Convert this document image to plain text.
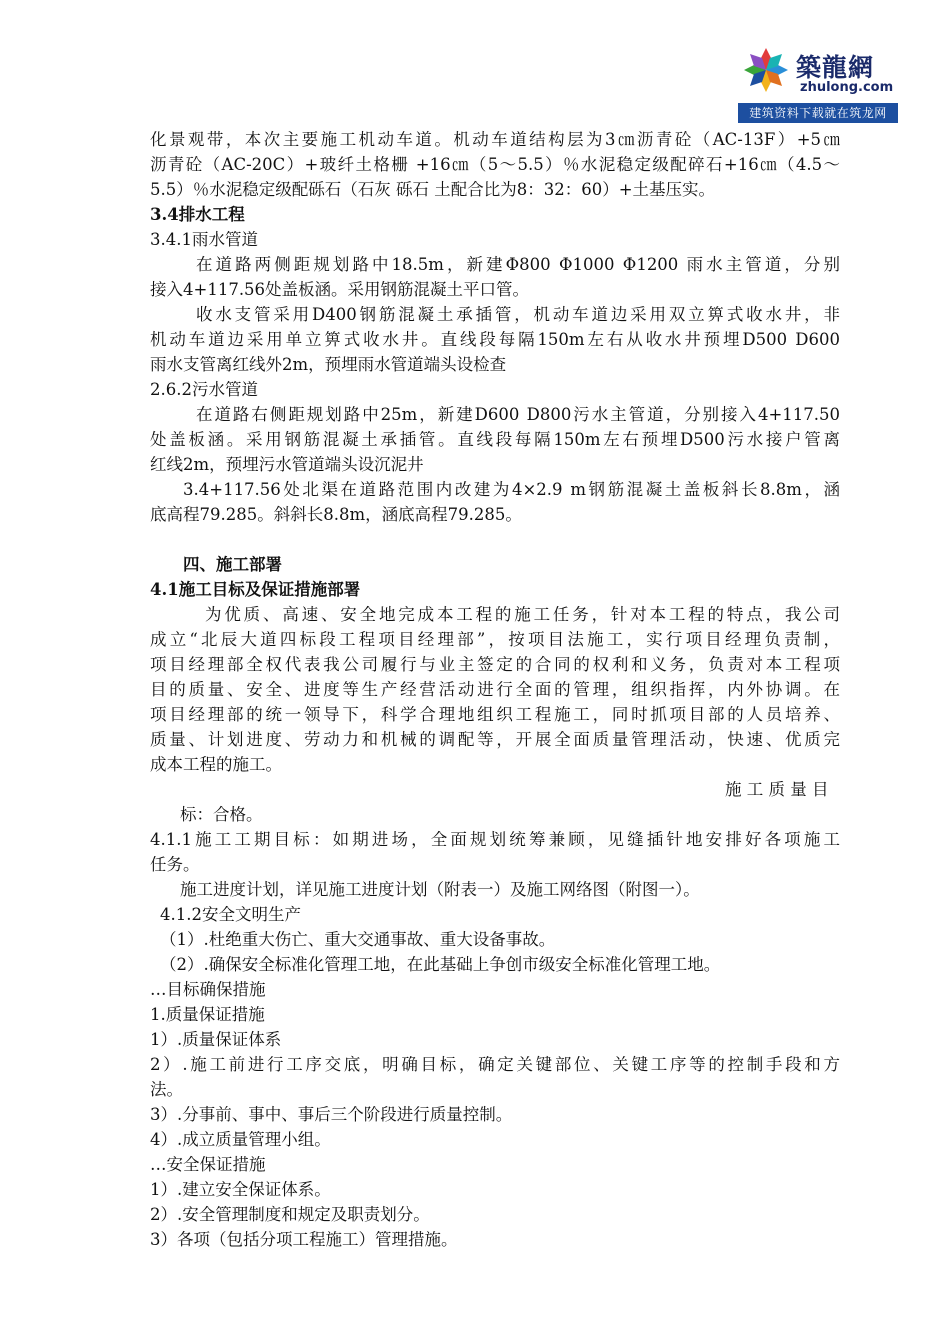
築龍網
zhulong.com
建筑资料下载就在筑龙网
化景观带，本次主要施工机动车道。机动车道结构层为3㎝沥青砼（AC-13F）+5㎝
沥青砼（AC-20C）+玻纤土格栅 +16㎝（5～5.5）％水泥稳定级配碎石+16㎝（4.5～
5.5）％水泥稳定级配砾石（石灰 砾石 土配合比为8：32：60）+土基压实。
3.4排水工程
3.4.1雨水管道
在道路两侧距规划路中18.5m，新建Φ800 Φ1000 Φ1200 雨水主管道，分别
接入4+117.56处盖板涵。采用钢筋混凝土平口管。
收水支管采用D400钢筋混凝土承插管，机动车道边采用双立箅式收水井，非
机动车道边采用单立箅式收水井。直线段每隔150m左右从收水井预埋D500 D600
雨水支管离红线外2m，预埋雨水管道端头设检查
2.6.2污水管道
在道路右侧距规划路中25m，新建D600 D800污水主管道，分别接入4+117.50
处盖板涵。采用钢筋混凝土承插管。直线段每隔150m左右预埋D500污水接户管离
红线2m，预埋污水管道端头设沉泥井
3.4+117.56处北渠在道路范围内改建为4×2.9 m钢筋混凝土盖板斜长8.8m，涵
底高程79.285。斜斜长8.8m，涵底高程79.285。
四、施工部署
4.1施工目标及保证措施部署
为优质、高速、安全地完成本工程的施工任务，针对本工程的特点，我公司
成立“北辰大道四标段工程项目经理部”，按项目法施工，实行项目经理负责制，
项目经理部全权代表我公司履行与业主签定的合同的权利和义务，负责对本工程项
目的质量、安全、进度等生产经营活动进行全面的管理，组织指挥，内外协调。在
项目经理部的统一领导下，科学合理地组织工程施工，同时抓项目部的人员培养、
质量、计划进度、劳动力和机械的调配等，开展全面质量管理活动，快速、优质完
成本工程的施工。
施 工 质 量 目
标：合格。
4.1.1施工工期目标：如期进场，全面规划统筹兼顾，见缝插针地安排好各项施工
任务。
施工进度计划，详见施工进度计划（附表一）及施工网络图（附图一）。
4.1.2安全文明生产
（1）.杜绝重大伤亡、重大交通事故、重大设备事故。
（2）.确保安全标准化管理工地，在此基础上争创市级安全标准化管理工地。
…目标确保措施
1.质量保证措施
1）.质量保证体系
2）.施工前进行工序交底，明确目标，确定关键部位、关键工序等的控制手段和方
法。
3）.分事前、事中、事后三个阶段进行质量控制。
4）.成立质量管理小组。
…安全保证措施
1）.建立安全保证体系。
2）.安全管理制度和规定及职责划分。
3）各项（包括分项工程施工）管理措施。
